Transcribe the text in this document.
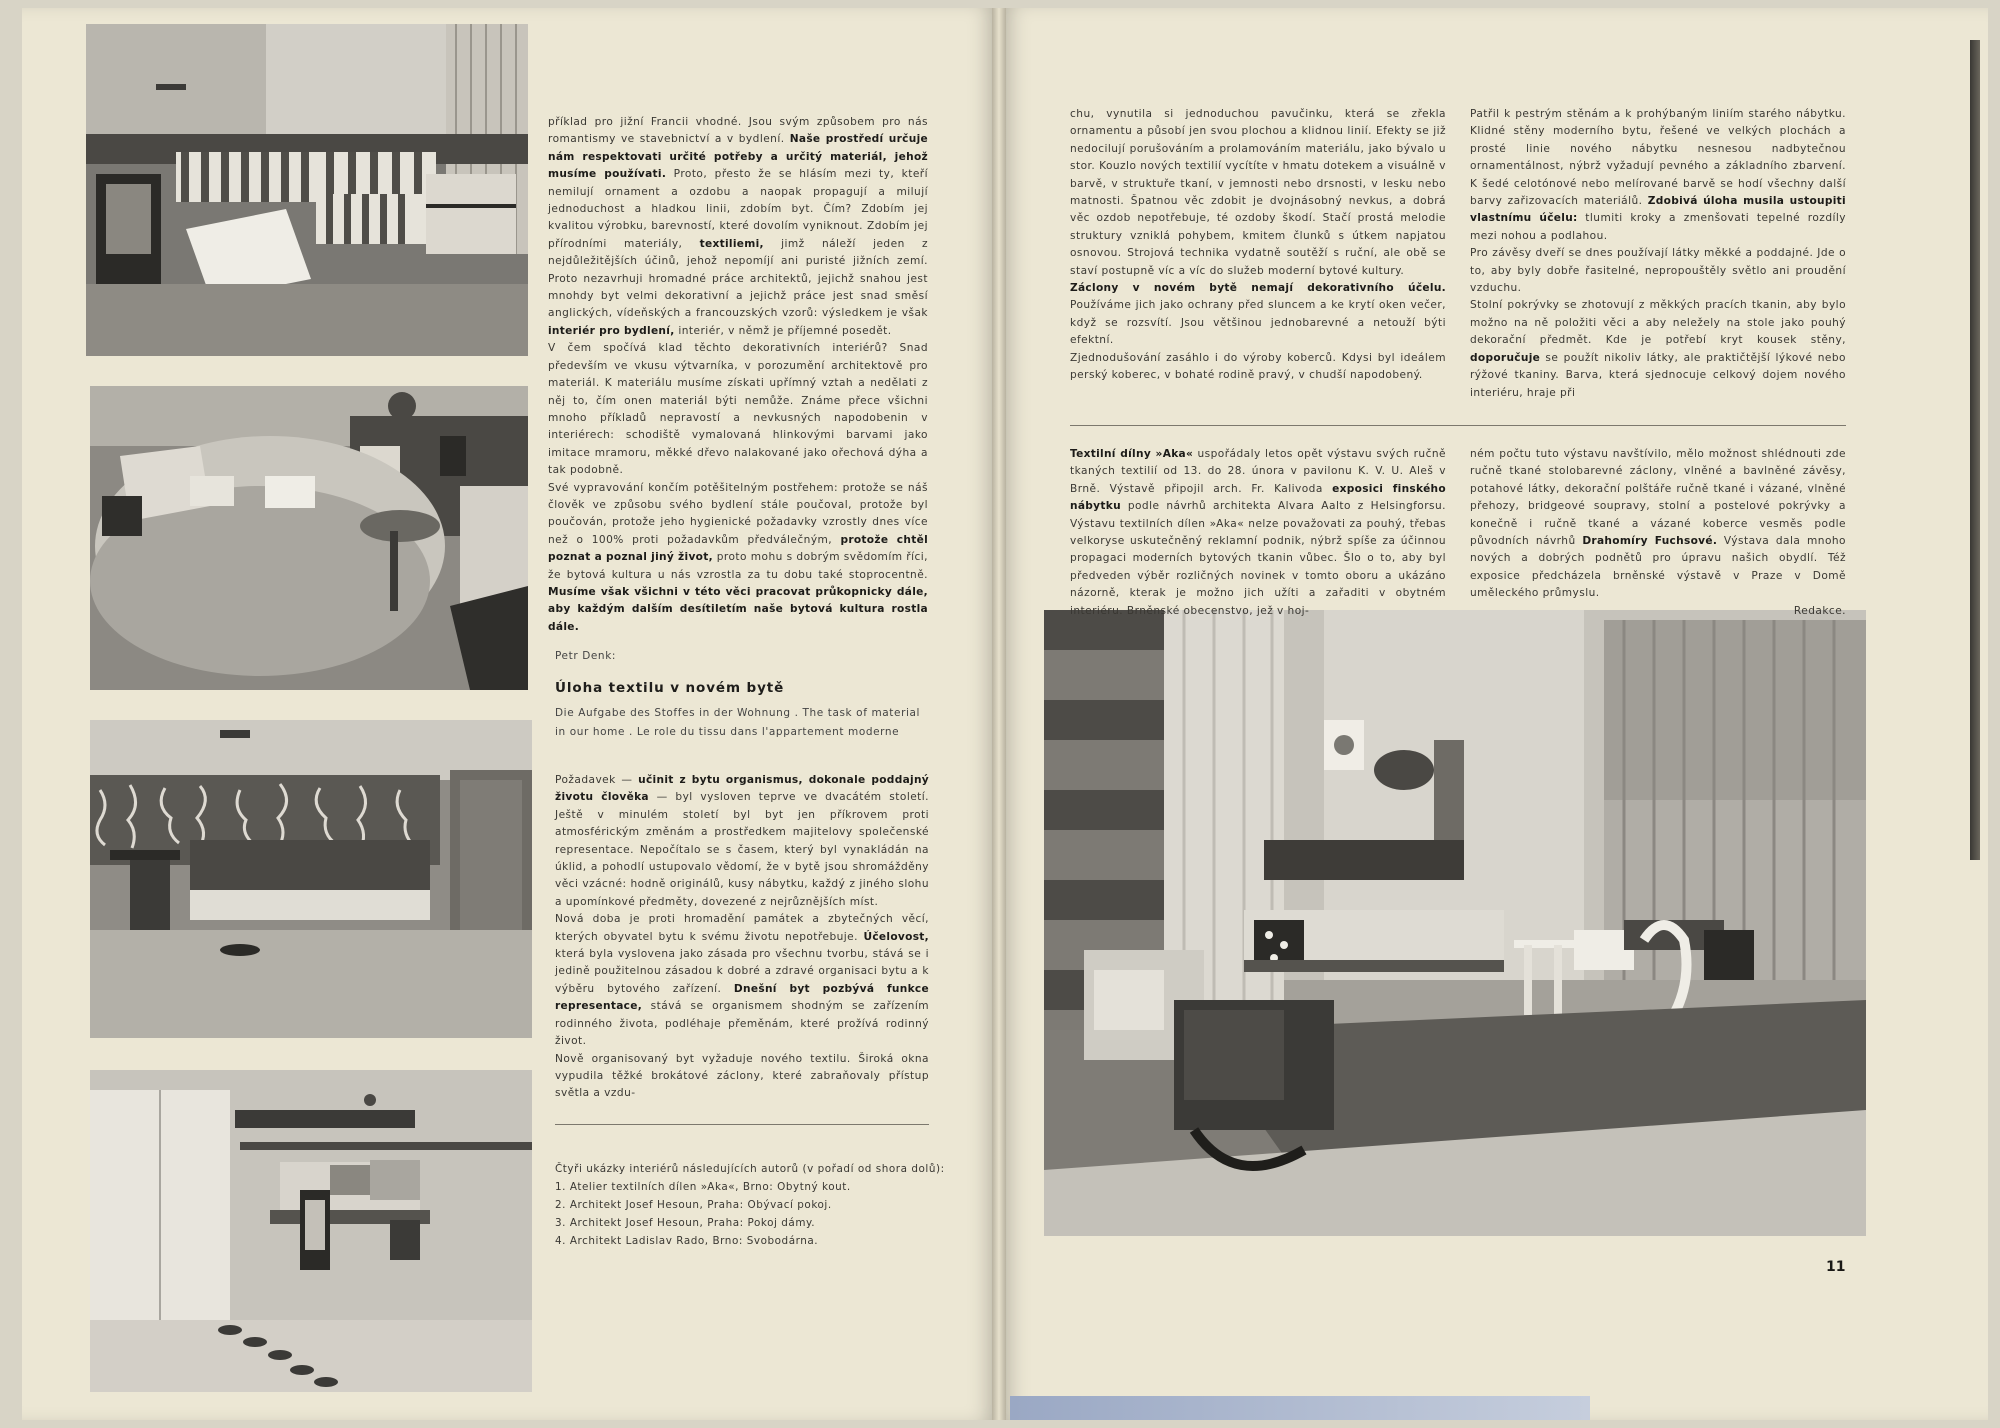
příklad pro jižní Francii vhodné. Jsou svým způsobem pro nás romantismy ve stavebnictví a v bydlení. Naše prostředí určuje nám respektovati určité potřeby a určitý materiál, jehož musíme používati. Proto, přesto že se hlásím mezi ty, kteří nemilují ornament a ozdobu a naopak propagují a milují jednoduchost a hladkou linii, zdobím byt. Čím? Zdobím jej kvalitou výrobku, barevností, které dovolím vyniknout. Zdobím jej přírodními materiály, textiliemi, jimž náleží jeden z nejdůležitějších účinů, jehož nepomíjí ani puristé jižních zemí. Proto nezavrhuji hromadné práce architektů, jejichž snahou jest mnohdy byt velmi dekorativní a jejichž práce jest snad směsí anglických, vídeňských a francouzských vzorů: výsledkem je však interiér pro bydlení, interiér, v němž je příjemné posedět.

V čem spočívá klad těchto dekorativních interiérů? Snad především ve vkusu výtvarníka, v porozumění architektově pro materiál. K materiálu musíme získati upřímný vztah a nedělati z něj to, čím onen materiál býti nemůže. Známe přece všichni mnoho příkladů nepravostí a nevkusných napodobenin v interiérech: schodiště vymalovaná hlinkovými barvami jako imitace mramoru, měkké dřevo nalakované jako ořechová dýha a tak podobně.

Své vypravování končím potěšitelným postřehem: protože se náš člověk ve způsobu svého bydlení stále poučoval, protože byl poučován, protože jeho hygienické požadavky vzrostly dnes více než o 100% proti požadavkům předválečným, protože chtěl poznat a poznal jiný život, proto mohu s dobrým svědomím říci, že bytová kultura u nás vzrostla za tu dobu také stoprocentně. Musíme však všichni v této věci pracovat průkopnicky dále, aby každým dalším desítiletím naše bytová kultura rostla dále.

Petr Denk:
Úloha textilu v novém bytě
Die Aufgabe des Stoffes in der Wohnung . The task of material in our home . Le role du tissu dans l'appartement moderne

Požadavek — učinit z bytu organismus, dokonale poddajný životu člověka — byl vysloven teprve ve dvacátém století. Ještě v minulém století byl byt jen příkrovem proti atmosférickým změnám a prostředkem majitelovy společenské representace. Nepočítalo se s časem, který byl vynakládán na úklid, a pohodlí ustupovalo vědomí, že v bytě jsou shromážděny věci vzácné: hodně originálů, kusy nábytku, každý z jiného slohu a upomínkové předměty, dovezené z nejrůznějších míst.

Nová doba je proti hromadění památek a zbytečných věcí, kterých obyvatel bytu k svému životu nepotřebuje. Účelovost, která byla vyslovena jako zásada pro všechnu tvorbu, stává se i jedině použitelnou zásadou k dobré a zdravé organisaci bytu a k výběru bytového zařízení. Dnešní byt pozbývá funkce representace, stává se organismem shodným se zařízením rodinného života, podléhaje přeměnám, které prožívá rodinný život.

Nově organisovaný byt vyžaduje nového textilu. Široká okna vypudila těžké brokátové záclony, které zabraňovaly přístup světla a vzdu-

Čtyři ukázky interiérů následujících autorů (v pořadí od shora dolů):
1. Atelier textilních dílen »Aka«, Brno: Obytný kout.
2. Architekt Josef Hesoun, Praha: Obývací pokoj.
3. Architekt Josef Hesoun, Praha: Pokoj dámy.
4. Architekt Ladislav Rado, Brno: Svobodárna.

chu, vynutila si jednoduchou pavučinku, která se zřekla ornamentu a působí jen svou plochou a klidnou linií. Efekty se již nedocilují porušováním a prolamováním materiálu, jako bývalo u stor. Kouzlo nových textilií vycítíte v hmatu dotekem a visuálně v barvě, v struktuře tkaní, v jemnosti nebo drsnosti, v lesku nebo matnosti. Špatnou věc zdobit je dvojnásobný nevkus, a dobrá věc ozdob nepotřebuje, té ozdoby škodí. Stačí prostá melodie struktury vzniklá pohybem, kmitem člunků s útkem napjatou osnovou. Strojová technika vydatně soutěží s ruční, ale obě se staví postupně víc a víc do služeb moderní bytové kultury.

Záclony v novém bytě nemají dekorativního účelu. Používáme jich jako ochrany před sluncem a ke krytí oken večer, když se rozsvítí. Jsou většinou jednobarevné a netouží býti efektní.

Zjednodušování zasáhlo i do výroby koberců. Kdysi byl ideálem perský koberec, v bohaté rodině pravý, v chudší napodobený.

Patřil k pestrým stěnám a k prohýbaným liniím starého nábytku. Klidné stěny moderního bytu, řešené ve velkých plochách a prosté linie nového nábytku nesnesou nadbytečnou ornamentálnost, nýbrž vyžadují pevného a základního zbarvení. K šedé celotónové nebo melírované barvě se hodí všechny další barvy zařizovacích materiálů. Zdobivá úloha musila ustoupiti vlastnímu účelu: tlumiti kroky a zmenšovati tepelné rozdíly mezi nohou a podlahou.

Pro závěsy dveří se dnes používají látky měkké a poddajné. Jde o to, aby byly dobře řasitelné, nepropouštěly světlo ani proudění vzduchu.

Stolní pokrývky se zhotovují z měkkých pracích tkanin, aby bylo možno na ně položiti věci a aby neležely na stole jako pouhý dekorační předmět. Kde je potřebí kryt kousek stěny, doporučuje se použít nikoliv látky, ale praktičtější lýkové nebo rýžové tkaniny. Barva, která sjednocuje celkový dojem nového interiéru, hraje při

Textilní dílny »Aka« uspořádaly letos opět výstavu svých ručně tkaných textilií od 13. do 28. února v pavilonu K. V. U. Aleš v Brně. Výstavě připojil arch. Fr. Kalivoda exposici finského nábytku podle návrhů architekta Alvara Aalto z Helsingforsu. Výstavu textilních dílen »Aka« nelze považovati za pouhý, třebas velkoryse uskutečněný reklamní podnik, nýbrž spíše za účinnou propagaci moderních bytových tkanin vůbec. Šlo o to, aby byl předveden výběr rozličných novinek v tomto oboru a ukázáno názorně, kterak je možno jich užíti a zařaditi v obytném interiéru. Brněnské obecenstvo, jež v hoj-

ném počtu tuto výstavu navštívilo, mělo možnost shlédnouti zde ručně tkané stolobarevné záclony, vlněné a bavlněné závěsy, potahové látky, dekorační polštáře ručně tkané i vázané, vlněné přehozy, bridgeové soupravy, stolní a postelové pokrývky a konečně i ručně tkané a vázané koberce vesměs podle původních návrhů Drahomíry Fuchsové. Výstava dala mnoho nových a dobrých podnětů pro úpravu našich obydlí. Též exposice předcházela brněnské výstavě v Praze v Domě uměleckého průmyslu.

Redakce.

11
